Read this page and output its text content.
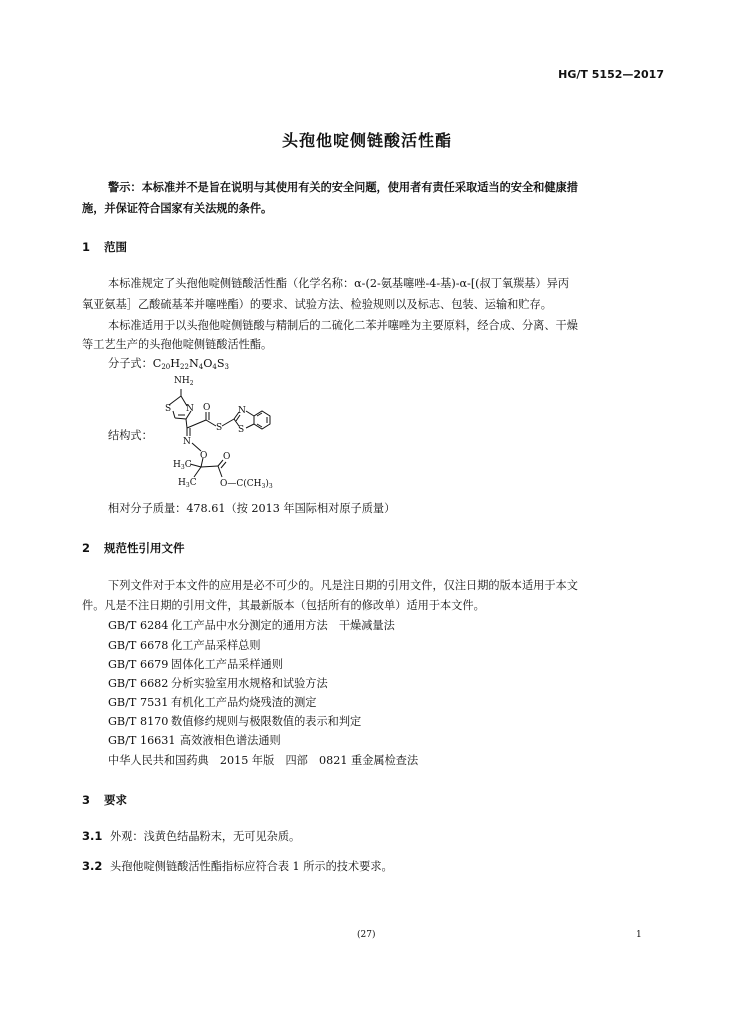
HG/T 5152—2017
头孢他啶侧链酸活性酯
警示：本标准并不是旨在说明与其使用有关的安全问题，使用者有责任采取适当的安全和健康措
施，并保证符合国家有关法规的条件。
1 范围
本标准规定了头孢他啶侧链酸活性酯（化学名称：α-(2-氨基噻唑-4-基)-α-[(叔丁氧羰基）异丙
氧亚氨基］乙酸硫基苯并噻唑酯）的要求、试验方法、检验规则以及标志、包装、运输和贮存。
本标准适用于以头孢他啶侧链酸与精制后的二硫化二苯并噻唑为主要原料，经合成、分离、干燥
等工艺生产的头孢他啶侧链酸活性酯。
分子式：$C_{20}H_{22}N_4O_4S_3$
结构式：
$NH_2$
S N O
S
N
S
N
O
$H_3C$
$H_3C$
O
$O—C(CH_3)_3$
相对分子质量：478.61（按 2013 年国际相对原子质量）
2 规范性引用文件
下列文件对于本文件的应用是必不可少的。凡是注日期的引用文件，仅注日期的版本适用于本文
件。凡是不注日期的引用文件，其最新版本（包括所有的修改单）适用于本文件。
GB/T 6284 化工产品中水分测定的通用方法　干燥减量法
GB/T 6678 化工产品采样总则
GB/T 6679 固体化工产品采样通则
GB/T 6682 分析实验室用水规格和试验方法
GB/T 7531 有机化工产品灼烧残渣的测定
GB/T 8170 数值修约规则与极限数值的表示和判定
GB/T 16631 高效液相色谱法通则
中华人民共和国药典　2015 年版　四部　0821 重金属检查法
3 要求
3.1 外观：浅黄色结晶粉末，无可见杂质。
3.2 头孢他啶侧链酸活性酯指标应符合表 1 所示的技术要求。
(27)	1
